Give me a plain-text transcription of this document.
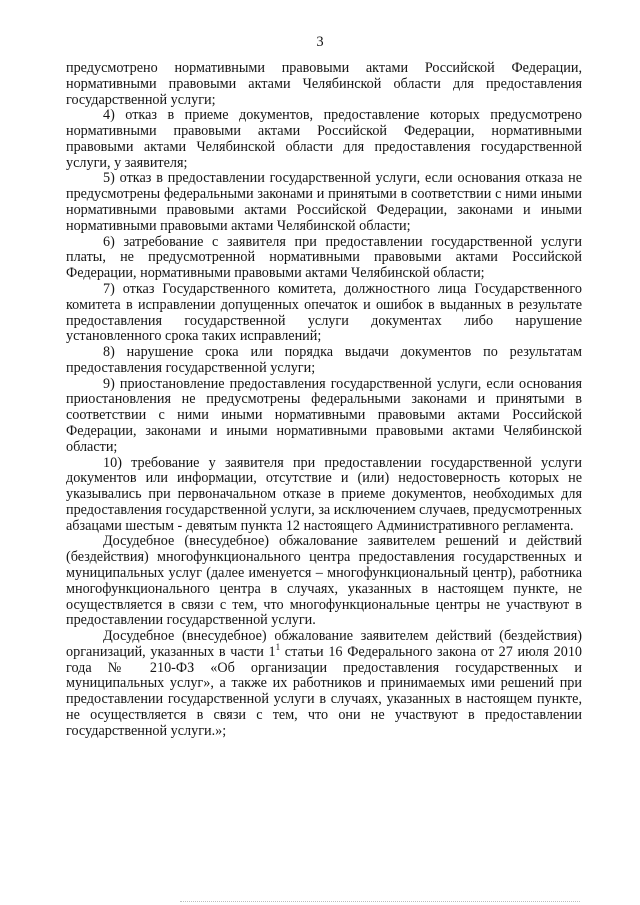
3

предусмотрено нормативными правовыми актами Российской Федерации, нормативными правовыми актами Челябинской области для предоставления государственной услуги;

4) отказ в приеме документов, предоставление которых предусмотрено нормативными правовыми актами Российской Федерации, нормативными правовыми актами Челябинской области для предоставления государственной услуги, у заявителя;

5) отказ в предоставлении государственной услуги, если основания отказа не предусмотрены федеральными законами и принятыми в соответствии с ними иными нормативными правовыми актами Российской Федерации, законами и иными нормативными правовыми актами Челябинской области;

6) затребование с заявителя при предоставлении государственной услуги платы, не предусмотренной нормативными правовыми актами Российской Федерации, нормативными правовыми актами Челябинской области;

7) отказ Государственного комитета, должностного лица Государственного комитета в исправлении допущенных опечаток и ошибок в выданных в результате предоставления государственной услуги документах либо нарушение установленного срока таких исправлений;

8) нарушение срока или порядка выдачи документов по результатам предоставления государственной услуги;

9) приостановление предоставления государственной услуги, если основания приостановления не предусмотрены федеральными законами и принятыми в соответствии с ними иными нормативными правовыми актами Российской Федерации, законами и иными нормативными правовыми актами Челябинской области;

10) требование у заявителя при предоставлении государственной услуги документов или информации, отсутствие и (или) недостоверность которых не указывались при первоначальном отказе в приеме документов, необходимых для предоставления государственной услуги, за исключением случаев, предусмотренных абзацами шестым - девятым пункта 12 настоящего Административного регламента.

Досудебное (внесудебное) обжалование заявителем решений и действий (бездействия) многофункционального центра предоставления государственных и муниципальных услуг (далее именуется – многофункциональный центр), работника многофункционального центра в случаях, указанных в настоящем пункте, не осуществляется в связи с тем, что многофункциональные центры не участвуют в предоставлении государственной услуги.

Досудебное (внесудебное) обжалование заявителем действий (бездействия) организаций, указанных в части $1^1$ статьи 16 Федерального закона от 27 июля 2010 года № 210-ФЗ «Об организации предоставления государственных и муниципальных услуг», а также их работников и принимаемых ими решений при предоставлении государственной услуги в случаях, указанных в настоящем пункте, не осуществляется в связи с тем, что они не участвуют в предоставлении государственной услуги.»;
